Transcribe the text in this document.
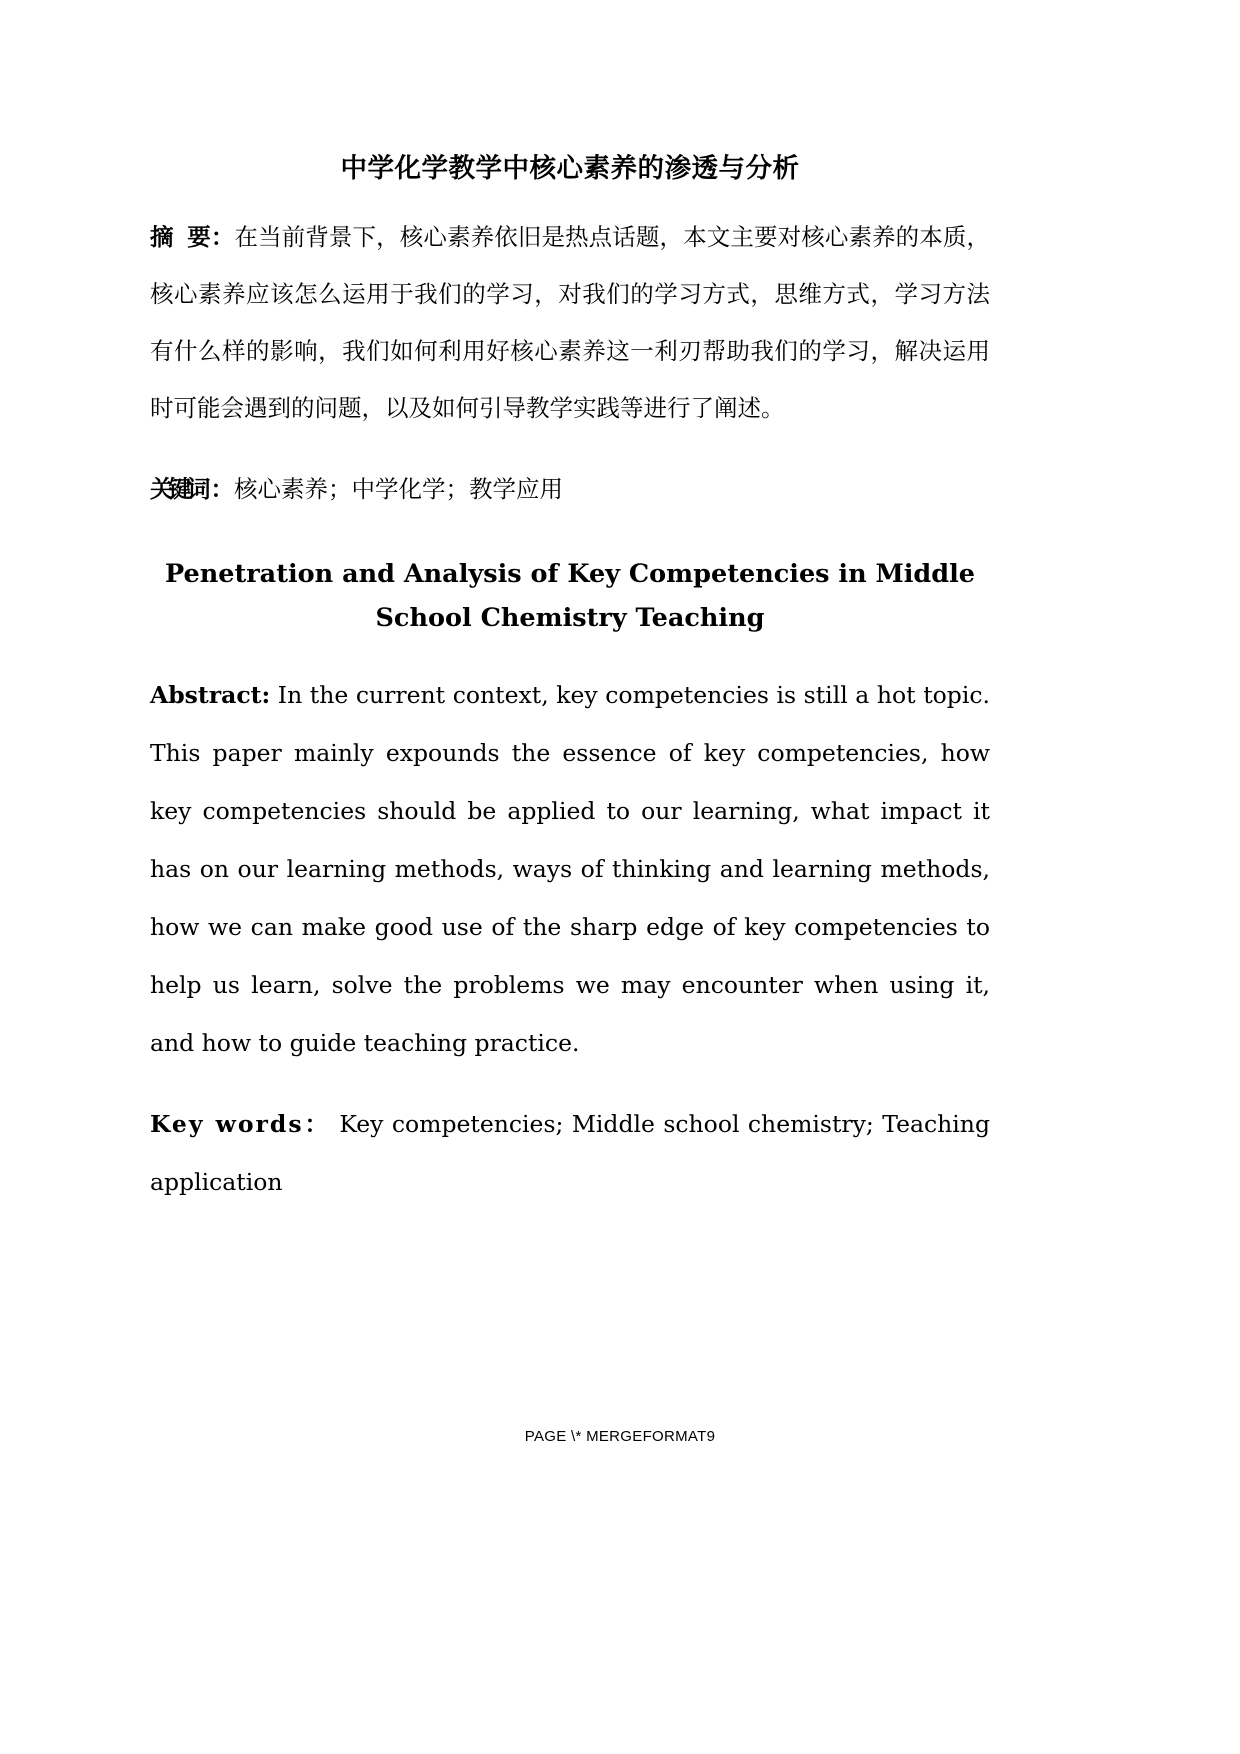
中学化学教学中核心素养的渗透与分析

摘　要 ：在当前背景下，核心素养依旧是热点话题，本文主要对核心素养的本质，核心素养应该怎么运用于我们的学习，对我们的学习方式，思维方式，学习方法有什么样的影响，我们如何利用好核心素养这一利刃帮助我们的学习，解决运用时可能会遇到的问题，以及如何引导教学实践等进行了阐述。

关键词 ：核心素养；中学化学；教学应用

Penetration and Analysis of Key Competencies in Middle School Chemistry Teaching

Abstract: In the current context, key competencies is still a hot topic. This paper mainly expounds the essence of key competencies, how key competencies should be applied to our learning, what impact it has on our learning methods, ways of thinking and learning methods, how we can make good use of the sharp edge of key competencies to help us learn, solve the problems we may encounter when using it, and how to guide teaching practice.

Key words： Key competencies; Middle school chemistry; Teaching application

PAGE \* MERGEFORMAT9
